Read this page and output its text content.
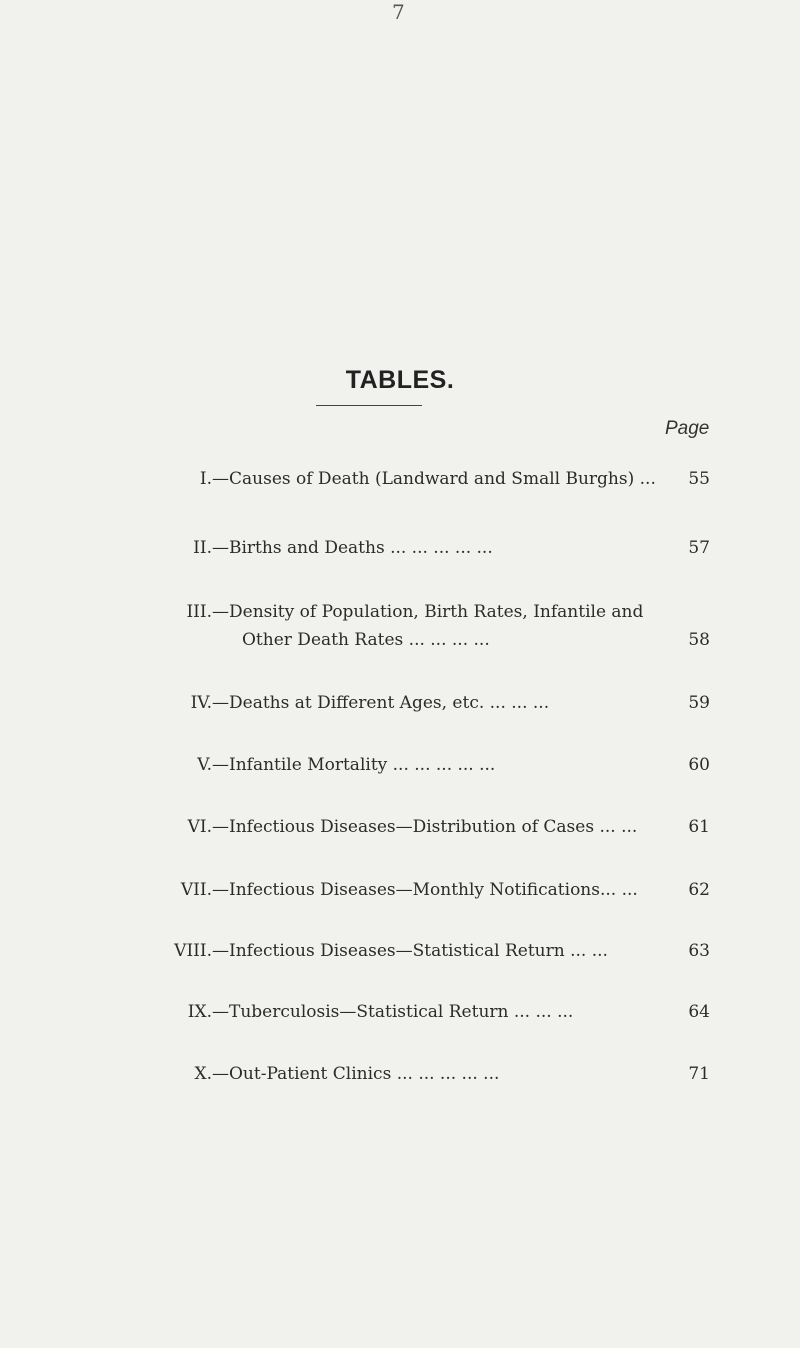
7
TABLES.
Page
I. —Causes of Death (Landward and Small Burghs) ...	55
II. —Births and Deaths ... ... ... ... ...	57
III. —Density of Population, Birth Rates, Infantile and
Other Death Rates ... ... ... ...	58
IV. —Deaths at Different Ages, etc. ... ... ...	59
V. —Infantile Mortality ... ... ... ... ...	60
VI. —Infectious Diseases—Distribution of Cases ... ...	61
VII. —Infectious Diseases—Monthly Notifications... ...	62
VIII. —Infectious Diseases—Statistical Return ... ...	63
IX. —Tuberculosis—Statistical Return ... ... ...	64
X. —Out-Patient Clinics ... ... ... ... ...	71
